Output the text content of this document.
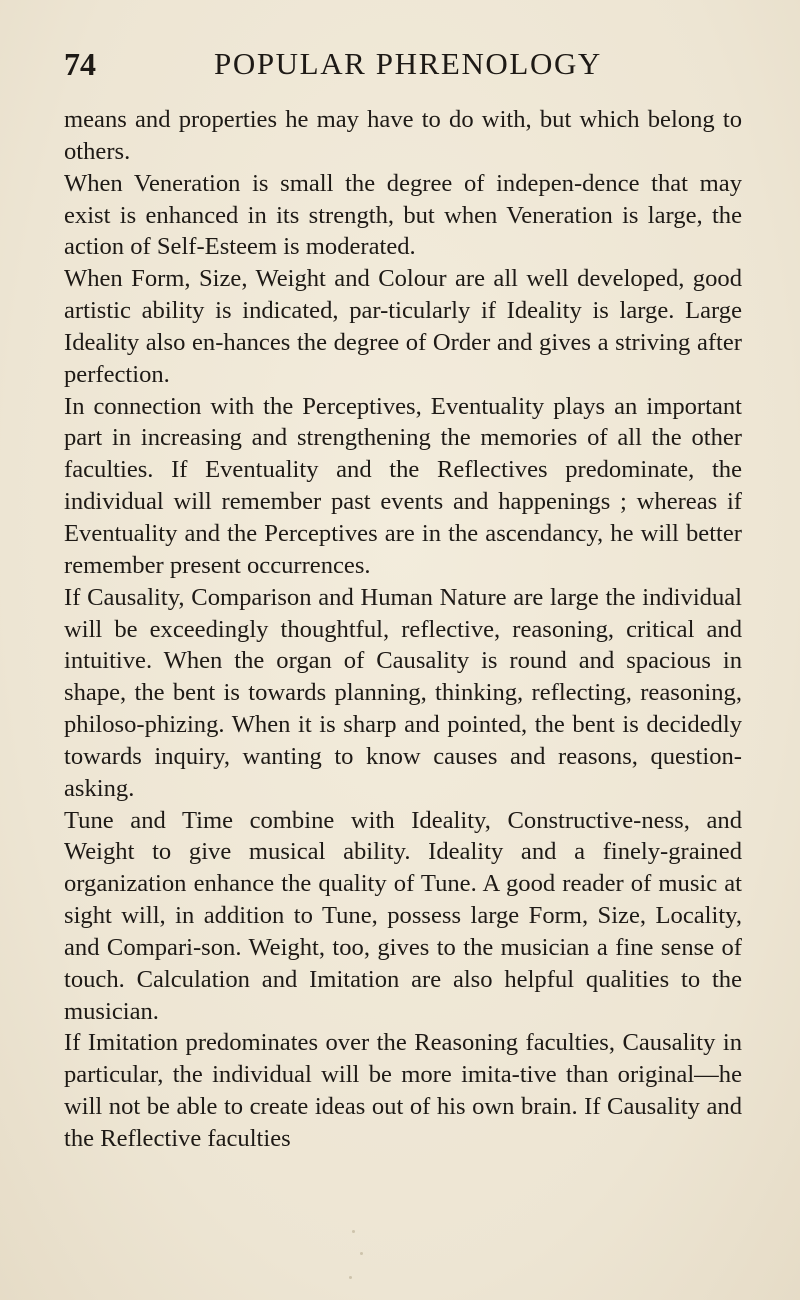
74	POPULAR PHRENOLOGY

means and properties he may have to do with, but which belong to others.

When Veneration is small the degree of indepen-dence that may exist is enhanced in its strength, but when Veneration is large, the action of Self-Esteem is moderated.

When Form, Size, Weight and Colour are all well developed, good artistic ability is indicated, par-ticularly if Ideality is large. Large Ideality also en-hances the degree of Order and gives a striving after perfection.

In connection with the Perceptives, Eventuality plays an important part in increasing and strengthening the memories of all the other faculties. If Eventuality and the Reflectives predominate, the individual will remember past events and happenings ; whereas if Eventuality and the Perceptives are in the ascendancy, he will better remember present occurrences.

If Causality, Comparison and Human Nature are large the individual will be exceedingly thoughtful, reflective, reasoning, critical and intuitive. When the organ of Causality is round and spacious in shape, the bent is towards planning, thinking, reflecting, reasoning, philoso-phizing. When it is sharp and pointed, the bent is decidedly towards inquiry, wanting to know causes and reasons, question-asking.

Tune and Time combine with Ideality, Constructive-ness, and Weight to give musical ability. Ideality and a finely-grained organization enhance the quality of Tune. A good reader of music at sight will, in addition to Tune, possess large Form, Size, Locality, and Compari-son. Weight, too, gives to the musician a fine sense of touch. Calculation and Imitation are also helpful qualities to the musician.

If Imitation predominates over the Reasoning faculties, Causality in particular, the individual will be more imita-tive than original—he will not be able to create ideas out of his own brain. If Causality and the Reflective faculties
